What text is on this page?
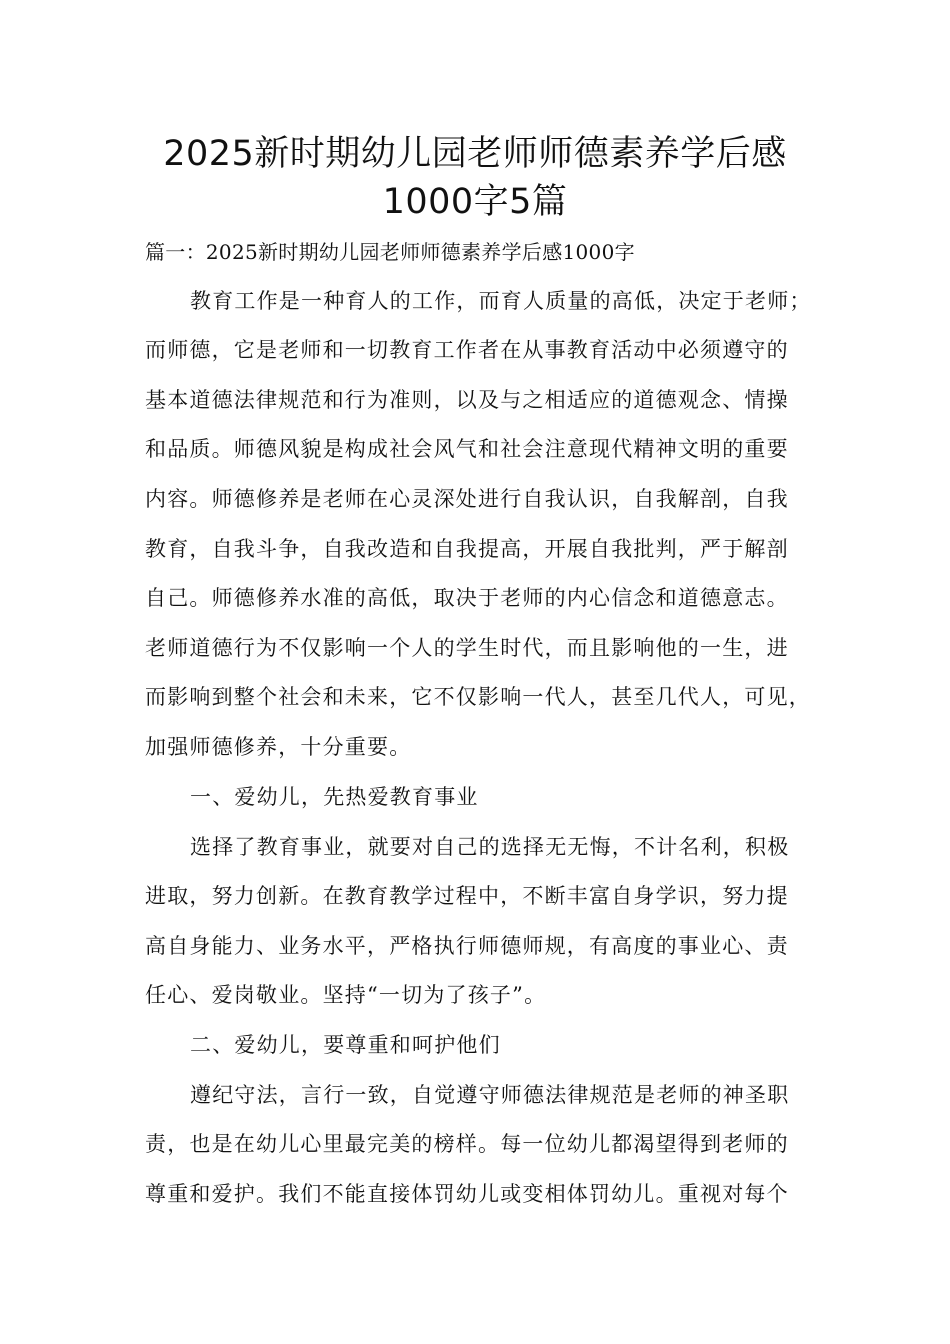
2025新时期幼儿园老师师德素养学后感
1000字5篇
篇一：2025新时期幼儿园老师师德素养学后感1000字
教育工作是一种育人的工作，而育人质量的高低，决定于老师；
而师德，它是老师和一切教育工作者在从事教育活动中必须遵守的
基本道德法律规范和行为准则，以及与之相适应的道德观念、情操
和品质。师德风貌是构成社会风气和社会注意现代精神文明的重要
内容。师德修养是老师在心灵深处进行自我认识，自我解剖，自我
教育，自我斗争，自我改造和自我提高，开展自我批判，严于解剖
自己。师德修养水准的高低，取决于老师的内心信念和道德意志。
老师道德行为不仅影响一个人的学生时代，而且影响他的一生，进
而影响到整个社会和未来，它不仅影响一代人，甚至几代人，可见，
加强师德修养，十分重要。
一、爱幼儿，先热爱教育事业
选择了教育事业，就要对自己的选择无无悔，不计名利，积极
进取，努力创新。在教育教学过程中，不断丰富自身学识，努力提
高自身能力、业务水平，严格执行师德师规，有高度的事业心、责
任心、爱岗敬业。坚持“一切为了孩子”。
二、爱幼儿，要尊重和呵护他们
遵纪守法，言行一致，自觉遵守师德法律规范是老师的神圣职
责，也是在幼儿心里最完美的榜样。每一位幼儿都渴望得到老师的
尊重和爱护。我们不能直接体罚幼儿或变相体罚幼儿。重视对每个
